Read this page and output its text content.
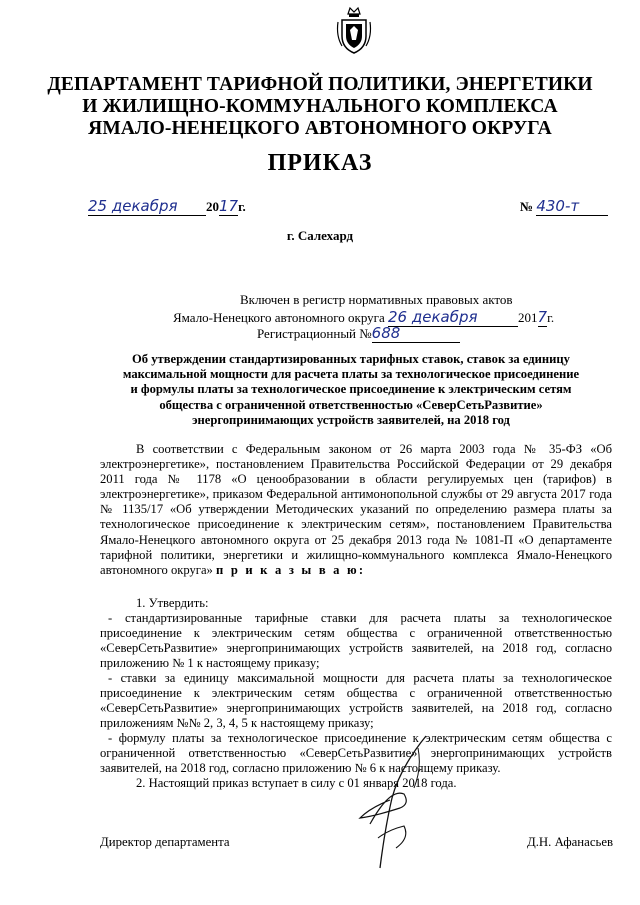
ДЕПАРТАМЕНТ ТАРИФНОЙ ПОЛИТИКИ, ЭНЕРГЕТИКИ
И ЖИЛИЩНО-КОММУНАЛЬНОГО КОМПЛЕКСА
ЯМАЛО-НЕНЕЦКОГО АВТОНОМНОГО ОКРУГА
ПРИКАЗ
25 декабря 2017г.	№ 430-т
г. Салехард
Включен в регистр нормативных правовых актов
Ямало-Ненецкого автономного округа 26 декабря	2017г.
Регистрационный №688
Об утверждении стандартизированных тарифных ставок, ставок за единицу
максимальной мощности для расчета платы за технологическое присоединение
и формулы платы за технологическое присоединение к электрическим сетям
общества с ограниченной ответственностью «СеверСетьРазвитие»
энергопринимающих устройств заявителей, на 2018 год
В соответствии с Федеральным законом от 26 марта 2003 года № 35-ФЗ «Об электроэнергетике», постановлением Правительства Российской Федерации от 29 декабря 2011 года № 1178 «О ценообразовании в области регулируемых цен (тарифов) в электроэнергетике», приказом Федеральной антимонопольной службы от 29 августа 2017 года № 1135/17 «Об утверждении Методических указаний по определению размера платы за технологическое присоединение к электрическим сетям», постановлением Правительства Ямало-Ненецкого автономного округа от 25 декабря 2013 года № 1081-П «О департаменте тарифной политики, энергетики и жилищно-коммунального комплекса Ямало-Ненецкого автономного округа» п р и к а з ы в а ю:
1. Утвердить:
- стандартизированные тарифные ставки для расчета платы за технологическое присоединение к электрическим сетям общества с ограниченной ответственностью «СеверСетьРазвитие» энергопринимающих устройств заявителей, на 2018 год, согласно приложению № 1 к настоящему приказу;
- ставки за единицу максимальной мощности для расчета платы за технологическое присоединение к электрическим сетям общества с ограниченной ответственностью «СеверСетьРазвитие» энергопринимающих устройств заявителей, на 2018 год, согласно приложениям №№ 2, 3, 4, 5 к настоящему приказу;
- формулу платы за технологическое присоединение к электрическим сетям общества с ограниченной ответственностью «СеверСетьРазвитие» энергопринимающих устройств заявителей, на 2018 год, согласно приложению № 6 к настоящему приказу.
2. Настоящий приказ вступает в силу с 01 января 2018 года.
Директор департамента	Д.Н. Афанасьев
